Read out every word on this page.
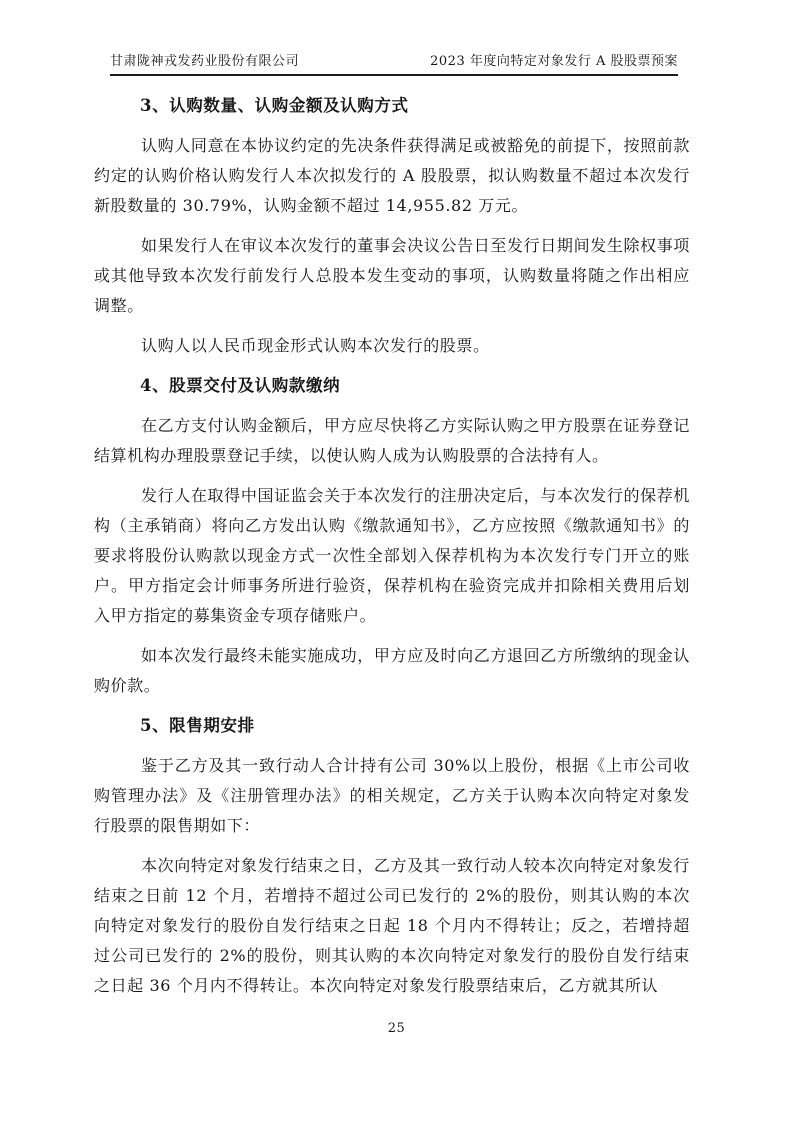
甘肃陇神戎发药业股份有限公司	2023 年度向特定对象发行 A 股股票预案
3、认购数量、认购金额及认购方式

认购人同意在本协议约定的先决条件获得满足或被豁免的前提下，按照前款约定的认购价格认购发行人本次拟发行的 A 股股票，拟认购数量不超过本次发行新股数量的 30.79%，认购金额不超过 14,955.82 万元。

如果发行人在审议本次发行的董事会决议公告日至发行日期间发生除权事项或其他导致本次发行前发行人总股本发生变动的事项，认购数量将随之作出相应调整。

认购人以人民币现金形式认购本次发行的股票。

4、股票交付及认购款缴纳

在乙方支付认购金额后，甲方应尽快将乙方实际认购之甲方股票在证券登记结算机构办理股票登记手续，以使认购人成为认购股票的合法持有人。

发行人在取得中国证监会关于本次发行的注册决定后，与本次发行的保荐机构（主承销商）将向乙方发出认购《缴款通知书》，乙方应按照《缴款通知书》的要求将股份认购款以现金方式一次性全部划入保荐机构为本次发行专门开立的账户。甲方指定会计师事务所进行验资，保荐机构在验资完成并扣除相关费用后划入甲方指定的募集资金专项存储账户。

如本次发行最终未能实施成功，甲方应及时向乙方退回乙方所缴纳的现金认购价款。

5、限售期安排

鉴于乙方及其一致行动人合计持有公司 30%以上股份，根据《上市公司收购管理办法》及《注册管理办法》的相关规定，乙方关于认购本次向特定对象发行股票的限售期如下：

本次向特定对象发行结束之日，乙方及其一致行动人较本次向特定对象发行结束之日前 12 个月，若增持不超过公司已发行的 2%的股份，则其认购的本次向特定对象发行的股份自发行结束之日起 18 个月内不得转让；反之，若增持超过公司已发行的 2%的股份，则其认购的本次向特定对象发行的股份自发行结束之日起 36 个月内不得转让。本次向特定对象发行股票结束后，乙方就其所认

25
